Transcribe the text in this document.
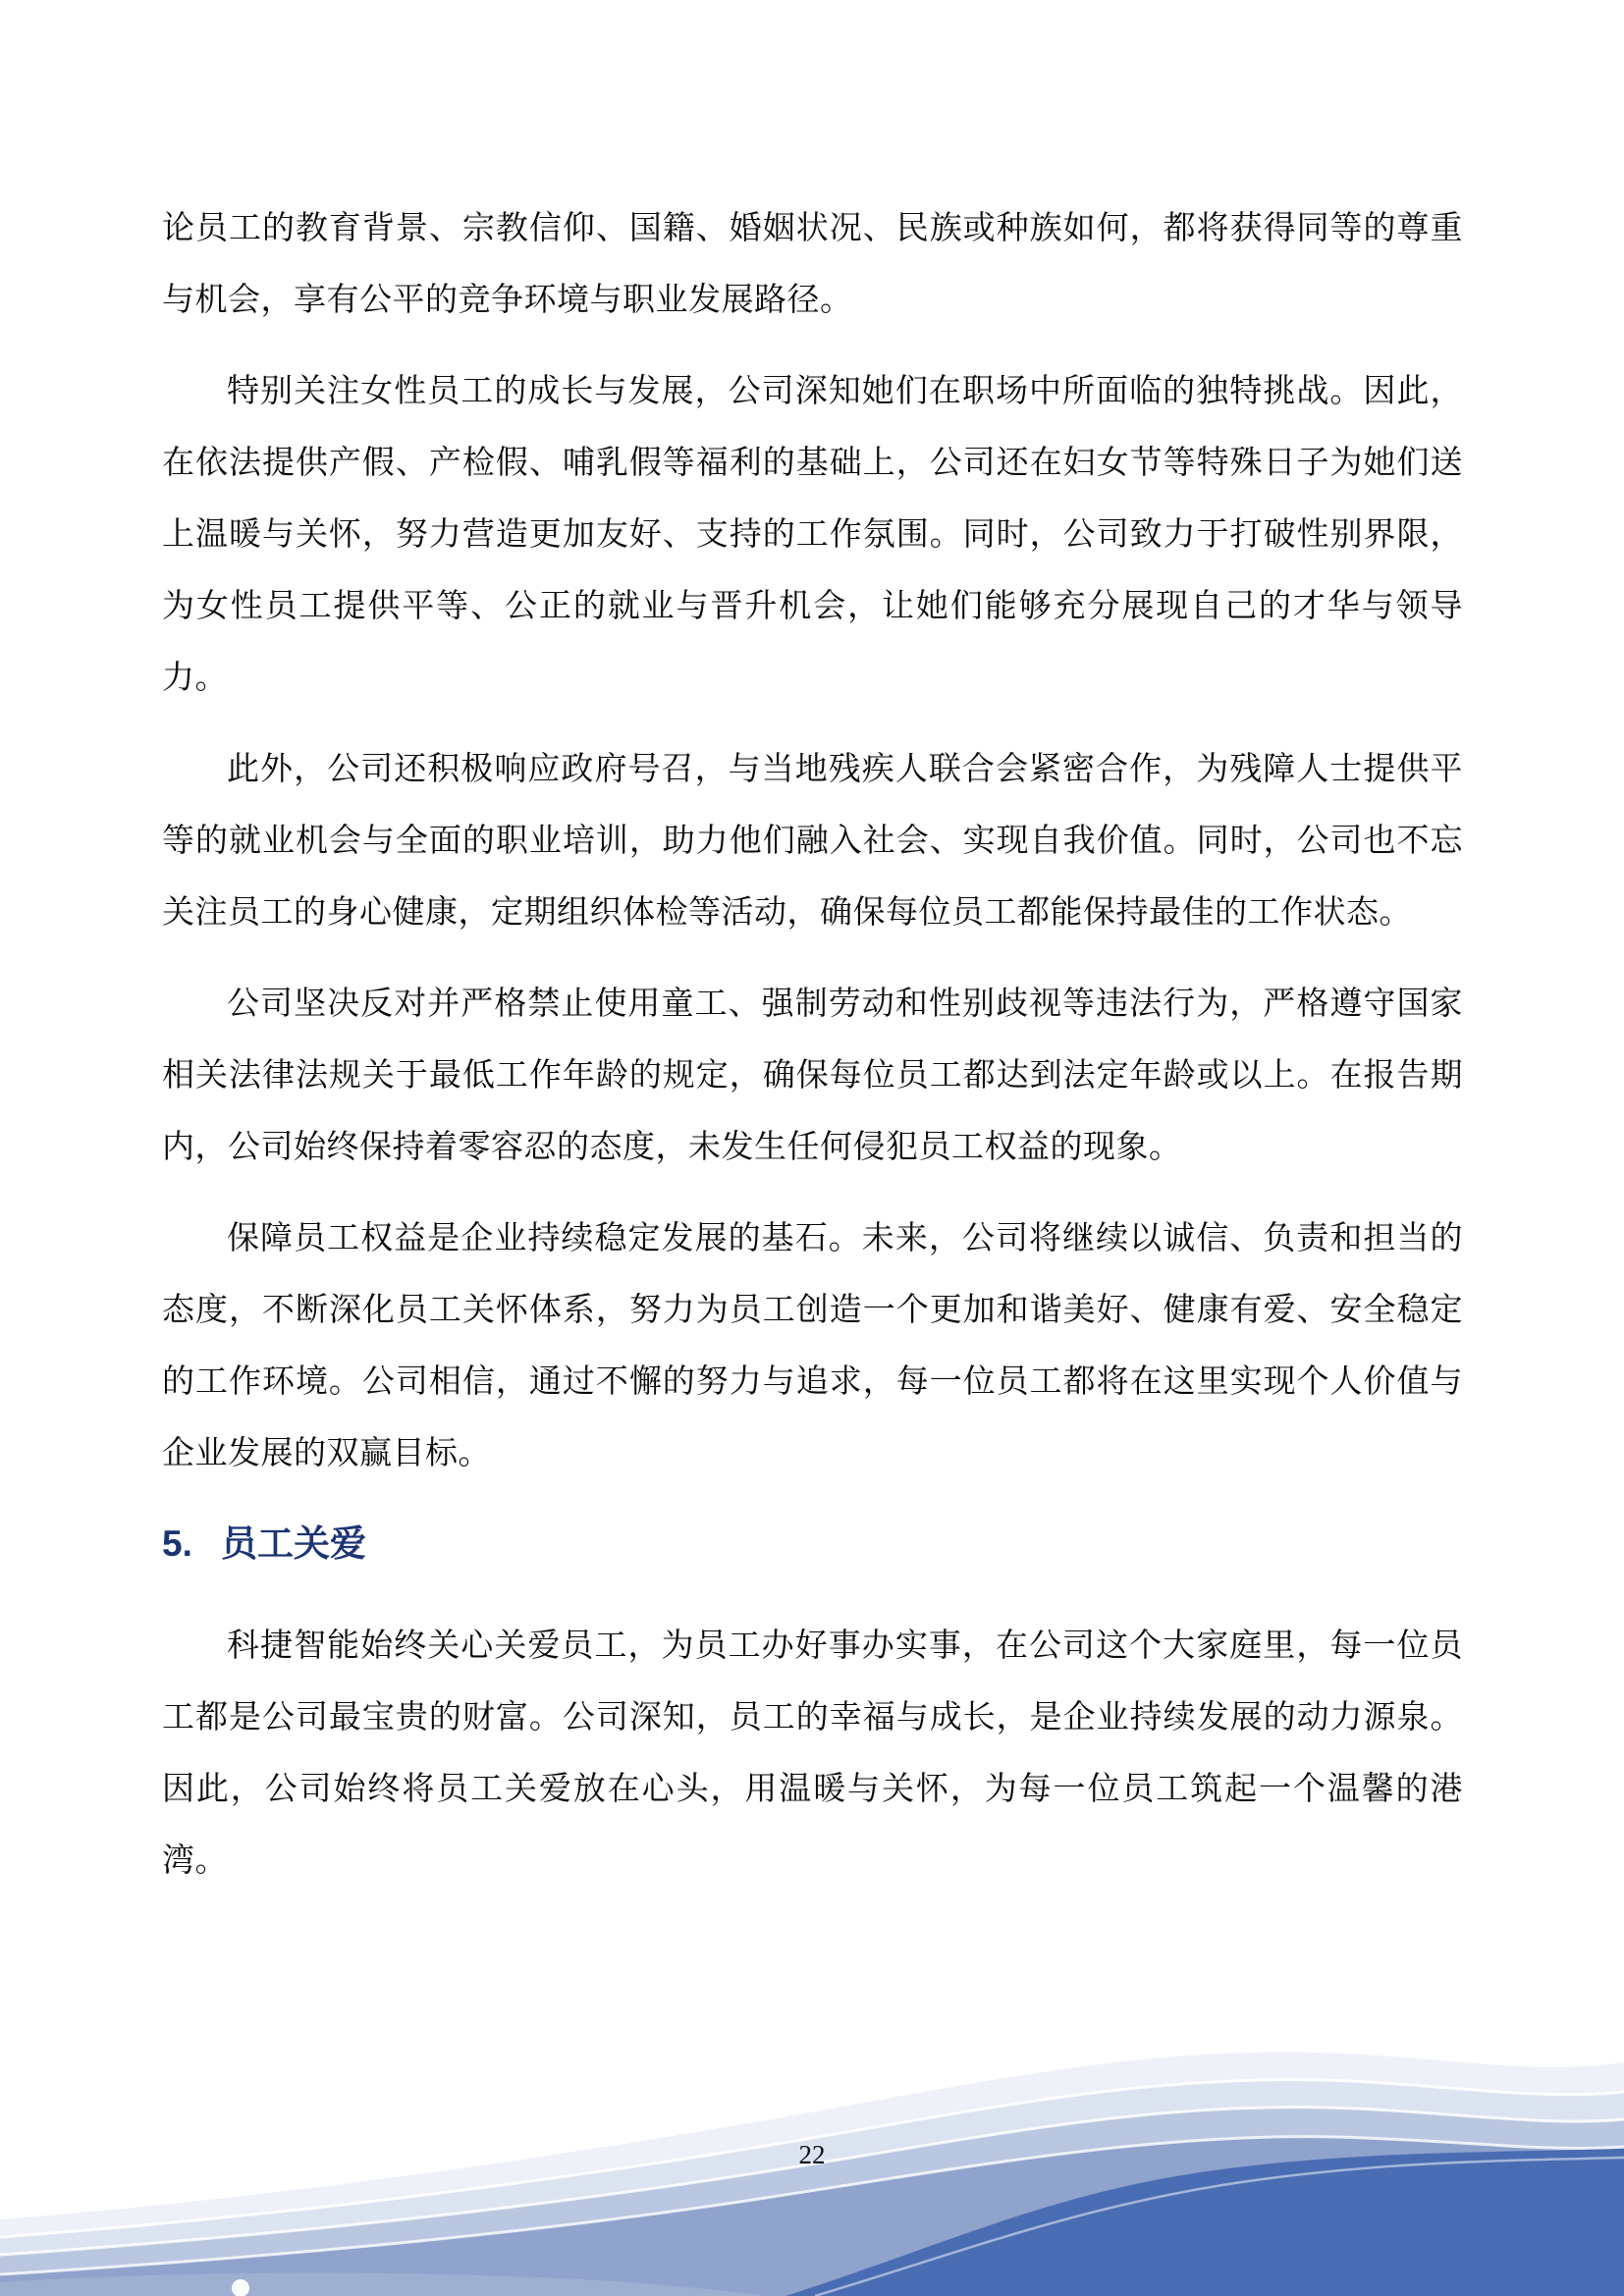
论员工的教育背景、宗教信仰、国籍、婚姻状况、民族或种族如何，都将获得同等的尊重与机会，享有公平的竞争环境与职业发展路径。

特别关注女性员工的成长与发展，公司深知她们在职场中所面临的独特挑战。因此，在依法提供产假、产检假、哺乳假等福利的基础上，公司还在妇女节等特殊日子为她们送上温暖与关怀，努力营造更加友好、支持的工作氛围。同时，公司致力于打破性别界限，为女性员工提供平等、公正的就业与晋升机会，让她们能够充分展现自己的才华与领导力。

此外，公司还积极响应政府号召，与当地残疾人联合会紧密合作，为残障人士提供平等的就业机会与全面的职业培训，助力他们融入社会、实现自我价值。同时，公司也不忘关注员工的身心健康，定期组织体检等活动，确保每位员工都能保持最佳的工作状态。

公司坚决反对并严格禁止使用童工、强制劳动和性别歧视等违法行为，严格遵守国家相关法律法规关于最低工作年龄的规定，确保每位员工都达到法定年龄或以上。在报告期内，公司始终保持着零容忍的态度，未发生任何侵犯员工权益的现象。

保障员工权益是企业持续稳定发展的基石。未来，公司将继续以诚信、负责和担当的态度，不断深化员工关怀体系，努力为员工创造一个更加和谐美好、健康有爱、安全稳定的工作环境。公司相信，通过不懈的努力与追求，每一位员工都将在这里实现个人价值与企业发展的双赢目标。

5. 员工关爱

科捷智能始终关心关爱员工，为员工办好事办实事，在公司这个大家庭里，每一位员工都是公司最宝贵的财富。公司深知，员工的幸福与成长，是企业持续发展的动力源泉。因此，公司始终将员工关爱放在心头，用温暖与关怀，为每一位员工筑起一个温馨的港湾。

22
